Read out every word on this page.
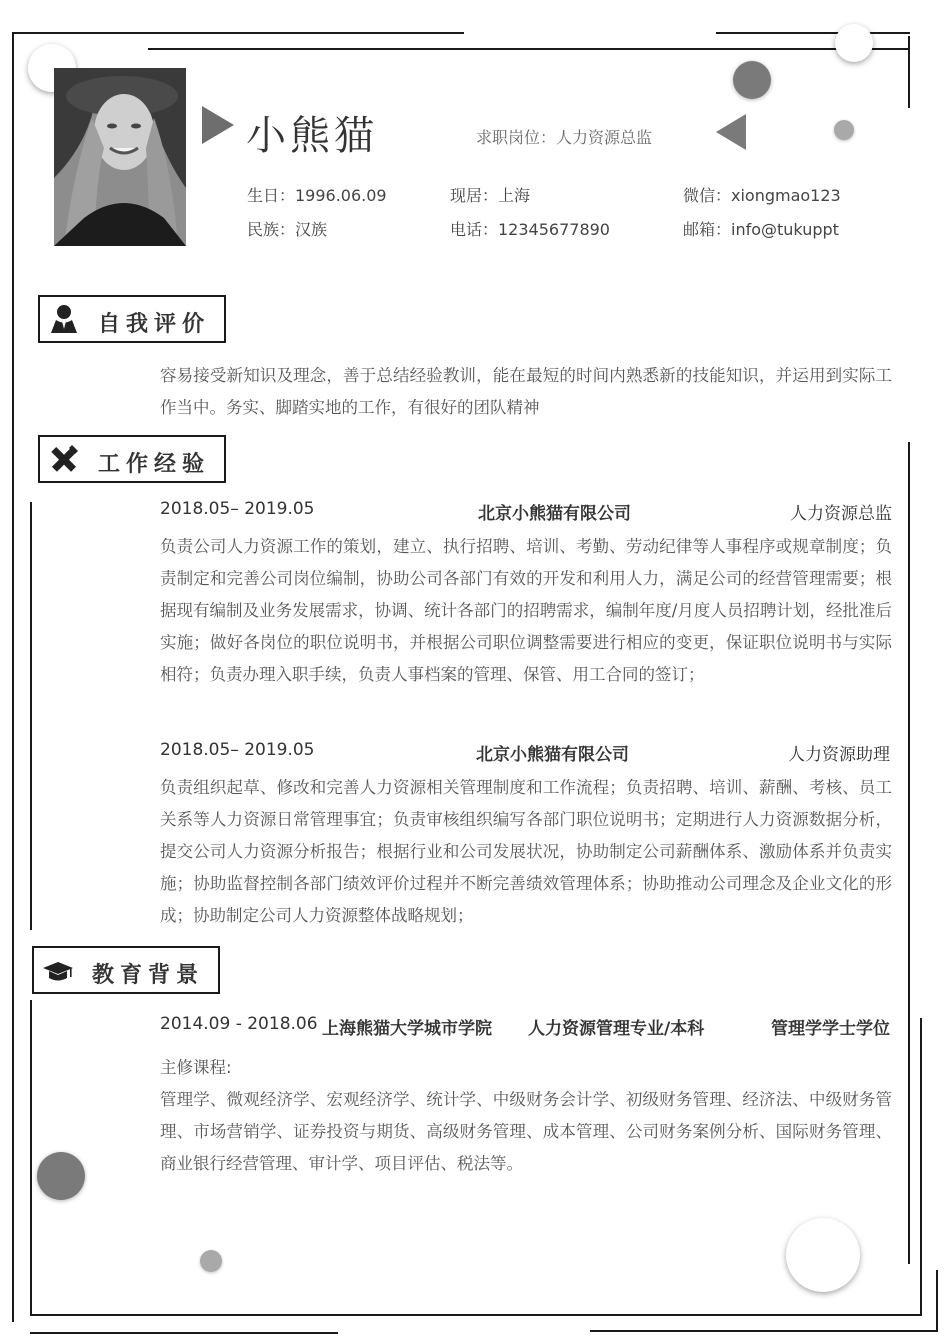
小熊猫	求职岗位：人力资源总监
生日：1996.06.09	现居：上海	微信：xiongmao123
民族：汉族	电话：12345677890	邮箱：info@tukuppt
自我评价
容易接受新知识及理念，善于总结经验教训，能在最短的时间内熟悉新的技能知识，并运用到实际工作当中。务实、脚踏实地的工作，有很好的团队精神
工作经验
2018.05– 2019.05	北京小熊猫有限公司	人力资源总监
负责公司人力资源工作的策划，建立、执行招聘、培训、考勤、劳动纪律等人事程序或规章制度；负责制定和完善公司岗位编制，协助公司各部门有效的开发和利用人力，满足公司的经营管理需要；根据现有编制及业务发展需求，协调、统计各部门的招聘需求，编制年度/月度人员招聘计划，经批准后实施；做好各岗位的职位说明书，并根据公司职位调整需要进行相应的变更，保证职位说明书与实际相符；负责办理入职手续，负责人事档案的管理、保管、用工合同的签订；
2018.05– 2019.05	北京小熊猫有限公司	人力资源助理
负责组织起草、修改和完善人力资源相关管理制度和工作流程；负责招聘、培训、薪酬、考核、员工关系等人力资源日常管理事宜；负责审核组织编写各部门职位说明书；定期进行人力资源数据分析，提交公司人力资源分析报告；根据行业和公司发展状况，协助制定公司薪酬体系、激励体系并负责实施；协助监督控制各部门绩效评价过程并不断完善绩效管理体系；协助推动公司理念及企业文化的形成；协助制定公司人力资源整体战略规划；
教育背景
2014.09 - 2018.06 上海熊猫大学城市学院 人力资源管理专业/本科	管理学学士学位
主修课程:
管理学、微观经济学、宏观经济学、统计学、中级财务会计学、初级财务管理、经济法、中级财务管理、市场营销学、证券投资与期货、高级财务管理、成本管理、公司财务案例分析、国际财务管理、商业银行经营管理、审计学、项目评估、税法等。
